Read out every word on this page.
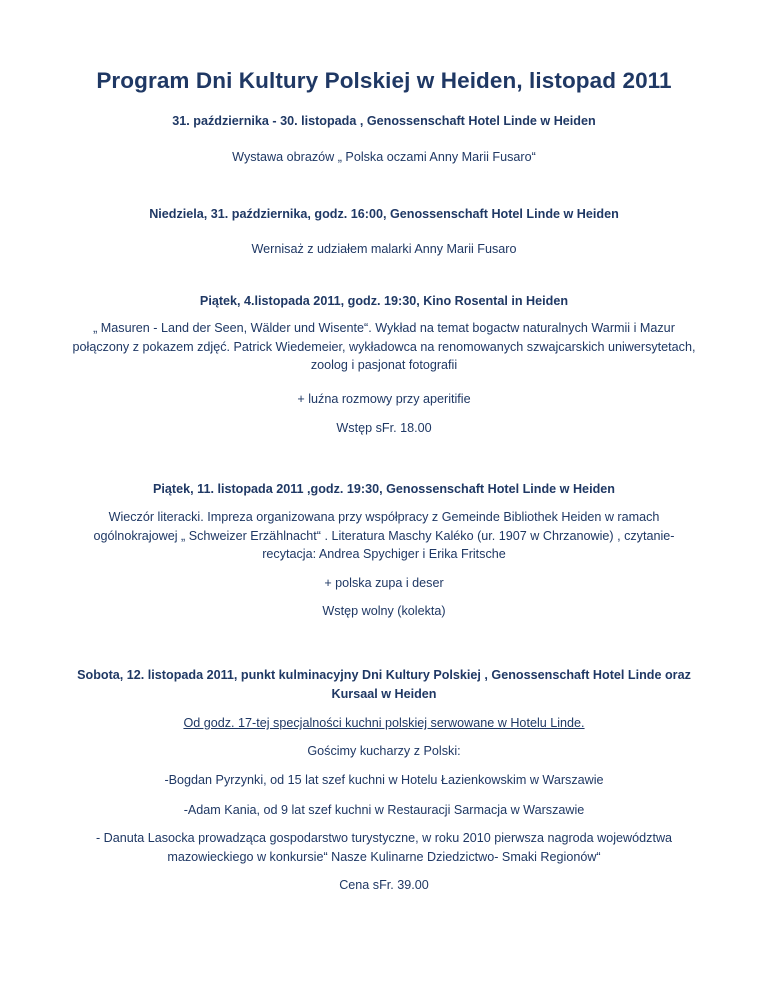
Program Dni Kultury Polskiej w Heiden, listopad 2011
31. października - 30. listopada , Genossenschaft Hotel Linde w Heiden
Wystawa obrazów „ Polska oczami Anny Marii Fusaro“
Niedziela, 31. października, godz. 16:00, Genossenschaft Hotel Linde w Heiden
Wernisaż z udziałem malarki Anny Marii Fusaro
Piątek, 4.listopada 2011, godz. 19:30, Kino Rosental in Heiden
„ Masuren - Land der Seen, Wälder und Wisente“. Wykład na temat bogactw naturalnych Warmii i Mazur połączony z pokazem zdjęć. Patrick Wiedemeier, wykładowca na renomowanych szwajcarskich uniwersytetach, zoolog i pasjonat fotografii
+ luźna rozmowy przy aperitifie
Wstęp sFr. 18.00
Piątek, 11. listopada 2011 ,godz. 19:30, Genossenschaft Hotel Linde w Heiden
Wieczór literacki. Impreza organizowana przy współpracy z Gemeinde Bibliothek Heiden w ramach ogólnokrajowej „ Schweizer Erzählnacht“ . Literatura Maschy Kaléko (ur. 1907 w Chrzanowie) , czytanie- recytacja: Andrea Spychiger i Erika Fritsche
+ polska zupa i deser
Wstęp wolny (kolekta)
Sobota, 12. listopada 2011, punkt kulminacyjny Dni Kultury Polskiej , Genossenschaft Hotel Linde oraz Kursaal w Heiden
Od godz. 17-tej specjalności kuchni polskiej serwowane w Hotelu Linde.
Gościmy kucharzy z Polski:
-Bogdan Pyrzynki, od 15 lat szef kuchni w Hotelu Łazienkowskim w Warszawie
-Adam Kania, od 9 lat szef kuchni w Restauracji Sarmacja w Warszawie
- Danuta Lasocka prowadząca gospodarstwo turystyczne, w roku 2010 pierwsza nagroda województwa mazowieckiego w konkursie“ Nasze Kulinarne Dziedzictwo- Smaki Regionów“
Cena sFr. 39.00
